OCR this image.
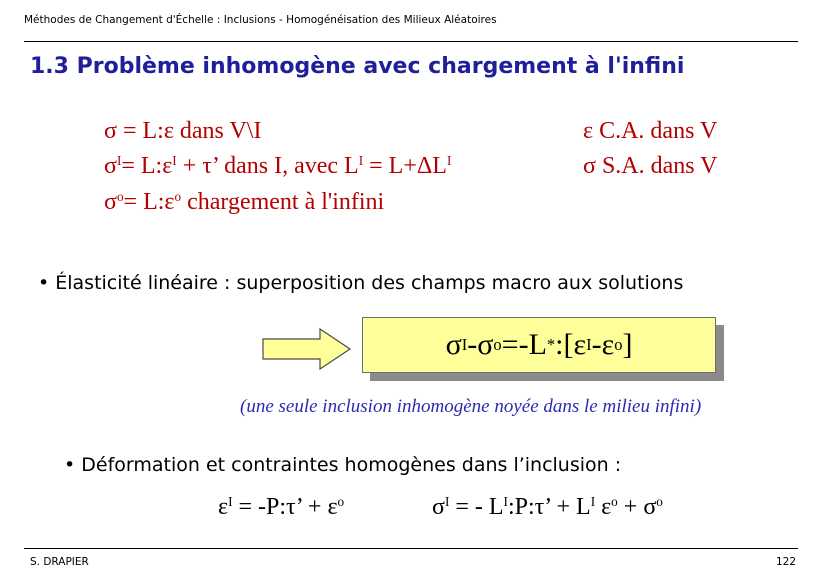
Méthodes de Changement d'Échelle : Inclusions - Homogénéisation des Milieux Aléatoires
1.3 Problème inhomogène avec chargement à l'infini
σ = L:ε dans V\I
$\sigma^I=$ $L:\varepsilon^I + \tau$’ dans I, avec $L^I = L+\Delta L^I$
$\sigma^o=$ $L:\varepsilon^o$ chargement à l'infini
ε C.A. dans V
σ S.A. dans V
• Élasticité linéaire : superposition des champs macro aux solutions
σ I - σ o =-L * :[ ε I - ε o ]
(une seule inclusion inhomogène noyée dans le milieu infini)
• Déformation et contraintes homogènes dans l’inclusion :
$\varepsilon^I$ = -P:τ’ + $\varepsilon^o$	$\sigma^I$ = - $L^I:P:\tau$’ + $L^I$ $\varepsilon^o + \sigma^o$
S. DRAPIER	122
